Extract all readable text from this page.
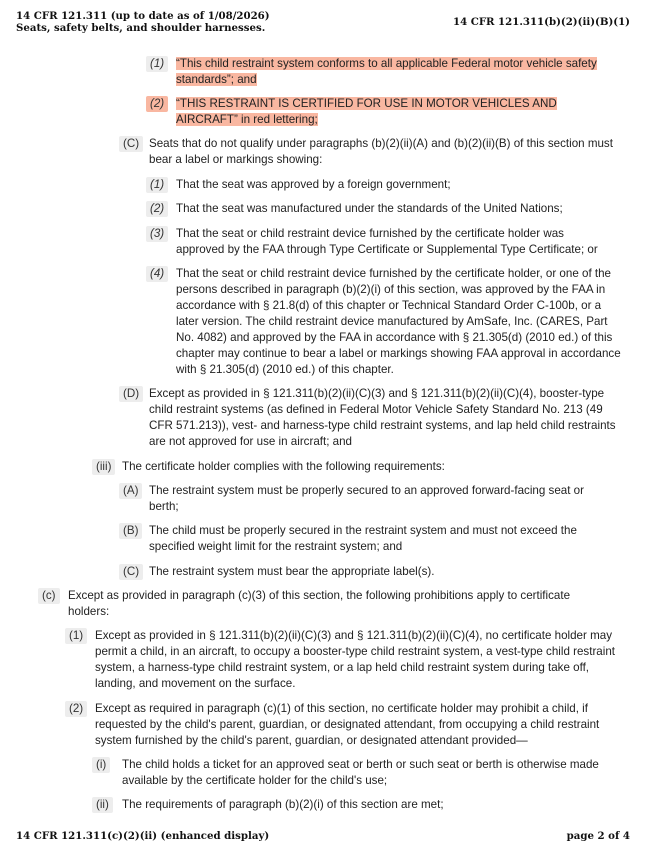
14 CFR 121.311 (up to date as of 1/08/2026)
Seats, safety belts, and shoulder harnesses.	14 CFR 121.311(b)(2)(ii)(B)(1)
(1)	“This child restraint system conforms to all applicable Federal motor vehicle safety standards”; and
(2)	“THIS RESTRAINT IS CERTIFIED FOR USE IN MOTOR VEHICLES AND AIRCRAFT” in red lettering;
(C) Seats that do not qualify under paragraphs (b)(2)(ii)(A) and (b)(2)(ii)(B) of this section must bear a label or markings showing:
(1)	That the seat was approved by a foreign government;
(2)	That the seat was manufactured under the standards of the United Nations;
(3)	That the seat or child restraint device furnished by the certificate holder was approved by the FAA through Type Certificate or Supplemental Type Certificate; or
(4)	That the seat or child restraint device furnished by the certificate holder, or one of the persons described in paragraph (b)(2)(i) of this section, was approved by the FAA in accordance with § 21.8(d) of this chapter or Technical Standard Order C-100b, or a later version. The child restraint device manufactured by AmSafe, Inc. (CARES, Part No. 4082) and approved by the FAA in accordance with § 21.305(d) (2010 ed.) of this chapter may continue to bear a label or markings showing FAA approval in accordance with § 21.305(d) (2010 ed.) of this chapter.
(D) Except as provided in § 121.311(b)(2)(ii)(C)(3) and § 121.311(b)(2)(ii)(C)(4), booster-type child restraint systems (as defined in Federal Motor Vehicle Safety Standard No. 213 (49 CFR 571.213)), vest- and harness-type child restraint systems, and lap held child restraints are not approved for use in aircraft; and
(iii) The certificate holder complies with the following requirements:
(A) The restraint system must be properly secured to an approved forward-facing seat or berth;
(B) The child must be properly secured in the restraint system and must not exceed the specified weight limit for the restraint system; and
(C) The restraint system must bear the appropriate label(s).
(c)	Except as provided in paragraph (c)(3) of this section, the following prohibitions apply to certificate holders:
(1)	Except as provided in § 121.311(b)(2)(ii)(C)(3) and § 121.311(b)(2)(ii)(C)(4), no certificate holder may permit a child, in an aircraft, to occupy a booster-type child restraint system, a vest-type child restraint system, a harness-type child restraint system, or a lap held child restraint system during take off, landing, and movement on the surface.
(2)	Except as required in paragraph (c)(1) of this section, no certificate holder may prohibit a child, if requested by the child's parent, guardian, or designated attendant, from occupying a child restraint system furnished by the child's parent, guardian, or designated attendant provided—
(i)	The child holds a ticket for an approved seat or berth or such seat or berth is otherwise made available by the certificate holder for the child's use;
(ii)	The requirements of paragraph (b)(2)(i) of this section are met;
14 CFR 121.311(c)(2)(ii) (enhanced display)	page 2 of 4
